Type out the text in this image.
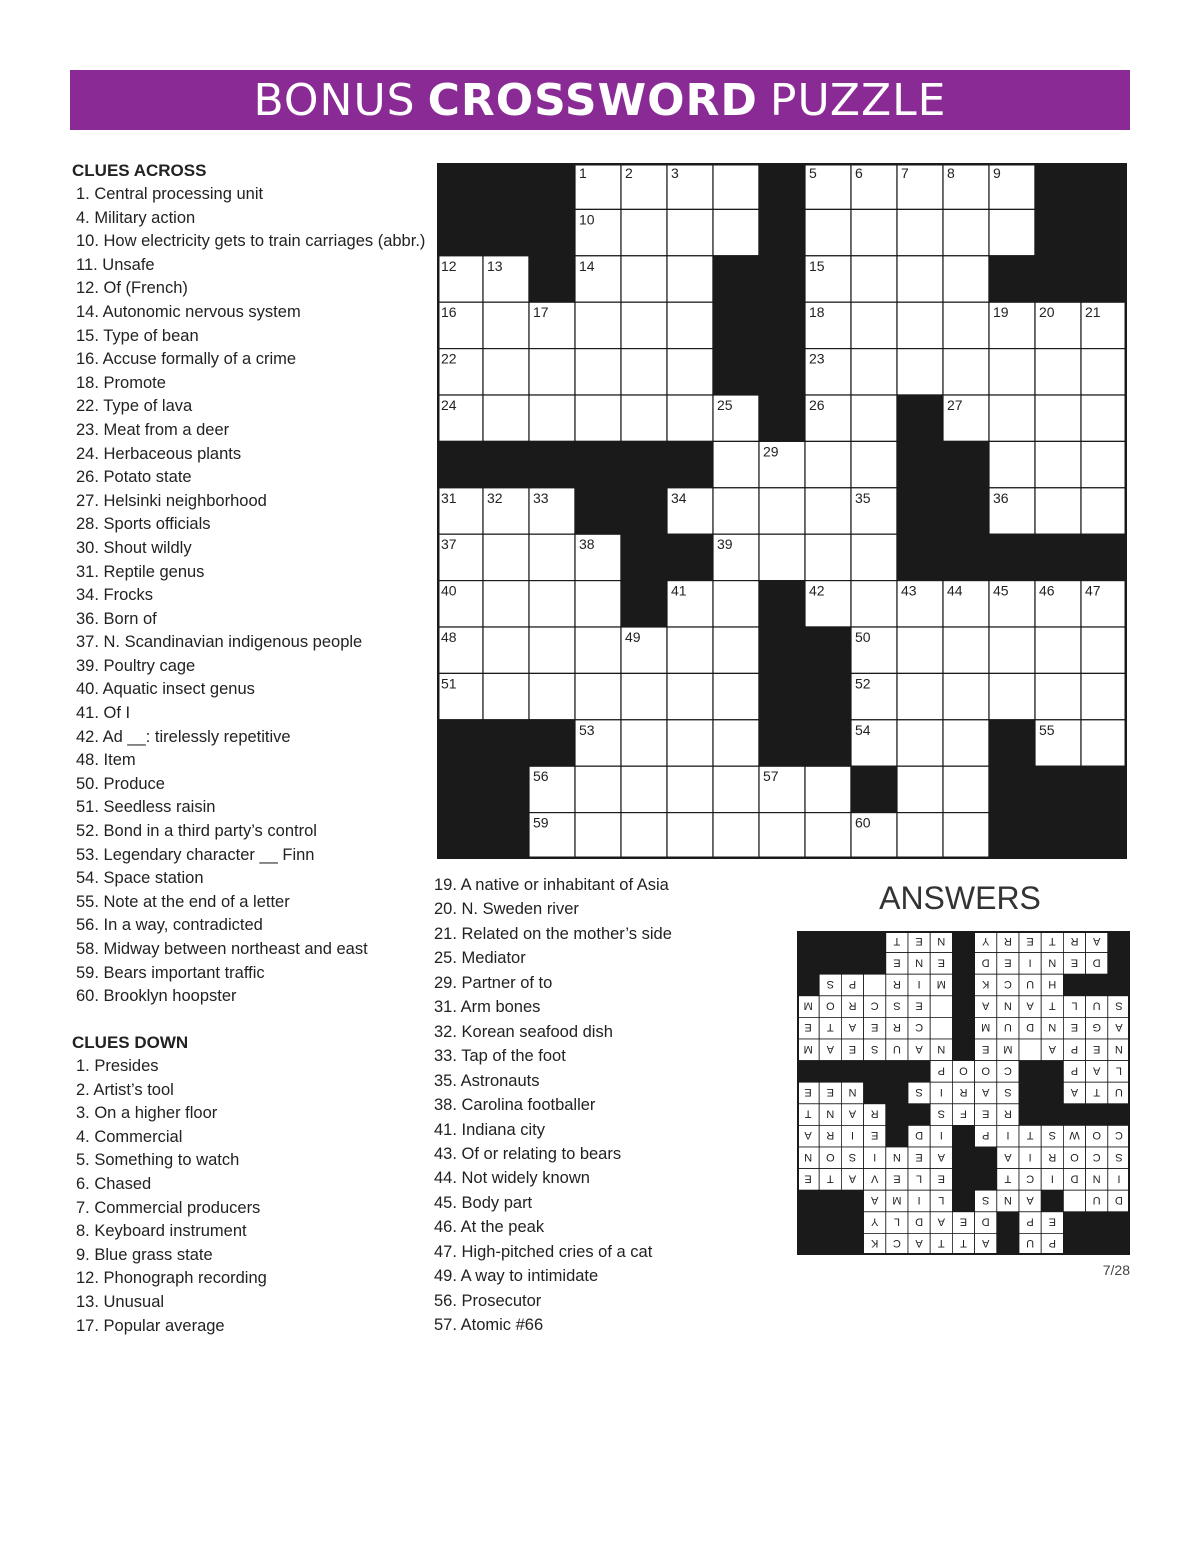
BONUS CROSSWORD PUZZLE
CLUES ACROSS
1. Central processing unit
4. Military action
10. How electricity gets to train carriages (abbr.)
11. Unsafe
12. Of (French)
14. Autonomic nervous system
15. Type of bean
16. Accuse formally of a crime
18. Promote
22. Type of lava
23. Meat from a deer
24. Herbaceous plants
26. Potato state
27. Helsinki neighborhood
28. Sports officials
30. Shout wildly
31. Reptile genus
34. Frocks
36. Born of
37. N. Scandinavian indigenous people
39. Poultry cage
40. Aquatic insect genus
41. Of I
42. Ad __: tirelessly repetitive
48. Item
50. Produce
51. Seedless raisin
52. Bond in a third party’s control
53. Legendary character __ Finn
54. Space station
55. Note at the end of a letter
56. In a way, contradicted
58. Midway between northeast and east
59. Bears important traffic
60. Brooklyn hoopster
CLUES DOWN
1. Presides
2. Artist’s tool
3. On a higher floor
4. Commercial
5. Something to watch
6. Chased
7. Commercial producers
8. Keyboard instrument
9. Blue grass state
12. Phonograph recording
13. Unusual
17. Popular average
19. A native or inhabitant of Asia
20. N. Sweden river
21. Related on the mother’s side
25. Mediator
29. Partner of to
31. Arm bones
32. Korean seafood dish
33. Tap of the foot
35. Astronauts
38. Carolina footballer
41. Indiana city
43. Of or relating to bears
44. Not widely known
45. Body part
46. At the peak
47. High-pitched cries of a cat
49. A way to intimidate
56. Prosecutor
57. Atomic #66
1	2	3	5	6	7	8	9
10
12 13	14	15
16	17	18	19 20 21
22	23
24	25	26	27
29
31 32 33	34	35	36
37	38	39
40	41	42	43 44 45 46 47
48	49	50
51	52
53	54	55
56	57
59	60
ANSWERS
T E N	Y R E T R A
E N E	D E I N E D
S P	R I M	K C U H
M O R C S E	A N A T L U S
E T A E R C	M U D N E G A
M A E S U A N	E M	A P E N
P O O C	P A L
E E N	S I R A S	A T U
T N A R	S F E R
A R I E	D I	P I T S W O C
N O S I N E A	A I R O C S
E T A V E L E	T C I D N I
A M I L	S N A	U D
Y L D A E D	P E
K C A T T A	U P
7/28
